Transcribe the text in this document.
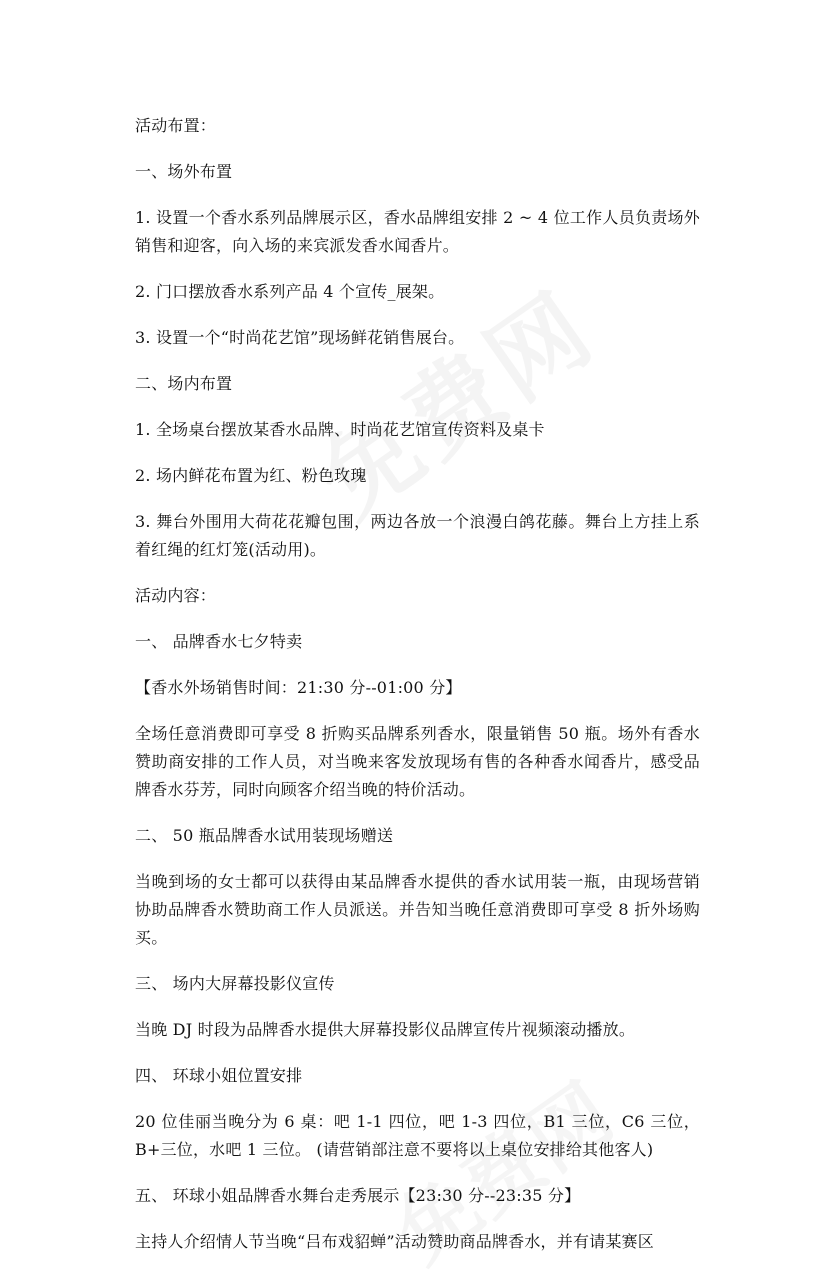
活动布置：

一、场外布置

1. 设置一个香水系列品牌展示区，香水品牌组安排 2 ~ 4 位工作人员负责场外销售和迎客，向入场的来宾派发香水闻香片。

2. 门口摆放香水系列产品 4 个宣传_展架。

3. 设置一个“时尚花艺馆”现场鲜花销售展台。

二、场内布置

1. 全场桌台摆放某香水品牌、时尚花艺馆宣传资料及桌卡

2. 场内鲜花布置为红、粉色玫瑰

3. 舞台外围用大荷花花瓣包围，两边各放一个浪漫白鸽花藤。舞台上方挂上系着红绳的红灯笼(活动用)。

活动内容：

一、 品牌香水七夕特卖

【香水外场销售时间：21:30 分--01:00 分】

全场任意消费即可享受 8 折购买品牌系列香水，限量销售 50 瓶。场外有香水赞助商安排的工作人员，对当晚来客发放现场有售的各种香水闻香片，感受品牌香水芬芳，同时向顾客介绍当晚的特价活动。

二、 50 瓶品牌香水试用装现场赠送

当晚到场的女士都可以获得由某品牌香水提供的香水试用装一瓶，由现场营销协助品牌香水赞助商工作人员派送。并告知当晚任意消费即可享受 8 折外场购买。

三、 场内大屏幕投影仪宣传

当晚 DJ 时段为品牌香水提供大屏幕投影仪品牌宣传片视频滚动播放。

四、 环球小姐位置安排

20 位佳丽当晚分为 6 桌：吧 1-1 四位，吧 1-3 四位，B1 三位，C6 三位，B+三位，水吧 1 三位。 (请营销部注意不要将以上桌位安排给其他客人)

五、 环球小姐品牌香水舞台走秀展示【23:30 分--23:35 分】

主持人介绍情人节当晚“吕布戏貂蝉”活动赞助商品牌香水，并有请某赛区
